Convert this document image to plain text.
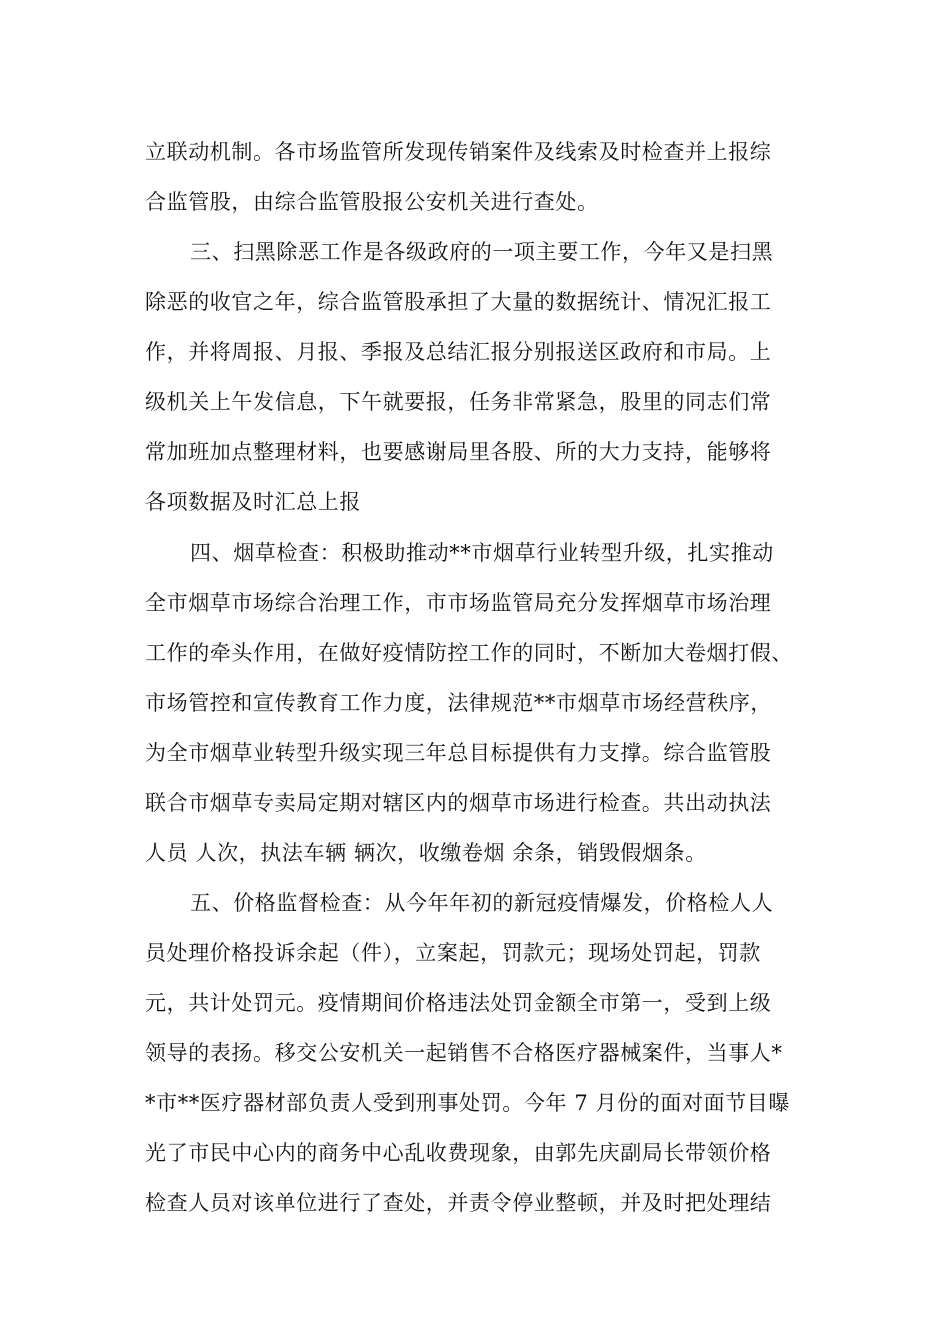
立联动机制。各市场监管所发现传销案件及线索及时检查并上报综
合监管股，由综合监管股报公安机关进行查处。
三、扫黑除恶工作是各级政府的一项主要工作，今年又是扫黑
除恶的收官之年，综合监管股承担了大量的数据统计、情况汇报工
作，并将周报、月报、季报及总结汇报分别报送区政府和市局。上
级机关上午发信息，下午就要报，任务非常紧急，股里的同志们常
常加班加点整理材料，也要感谢局里各股、所的大力支持，能够将
各项数据及时汇总上报
四、烟草检查：积极助推动**市烟草行业转型升级，扎实推动
全市烟草市场综合治理工作，市市场监管局充分发挥烟草市场治理
工作的牵头作用，在做好疫情防控工作的同时，不断加大卷烟打假、
市场管控和宣传教育工作力度，法律规范**市烟草市场经营秩序，
为全市烟草业转型升级实现三年总目标提供有力支撑。综合监管股
联合市烟草专卖局定期对辖区内的烟草市场进行检查。共出动执法
人员 人次，执法车辆 辆次，收缴卷烟 余条，销毁假烟条。
五、价格监督检查：从今年年初的新冠疫情爆发，价格检人人
员处理价格投诉余起（件），立案起，罚款元；现场处罚起，罚款
元，共计处罚元。疫情期间价格违法处罚金额全市第一，受到上级
领导的表扬。移交公安机关一起销售不合格医疗器械案件，当事人*
*市**医疗器材部负责人受到刑事处罚。今年 7 月份的面对面节目曝
光了市民中心内的商务中心乱收费现象，由郭先庆副局长带领价格
检查人员对该单位进行了查处，并责令停业整顿，并及时把处理结
